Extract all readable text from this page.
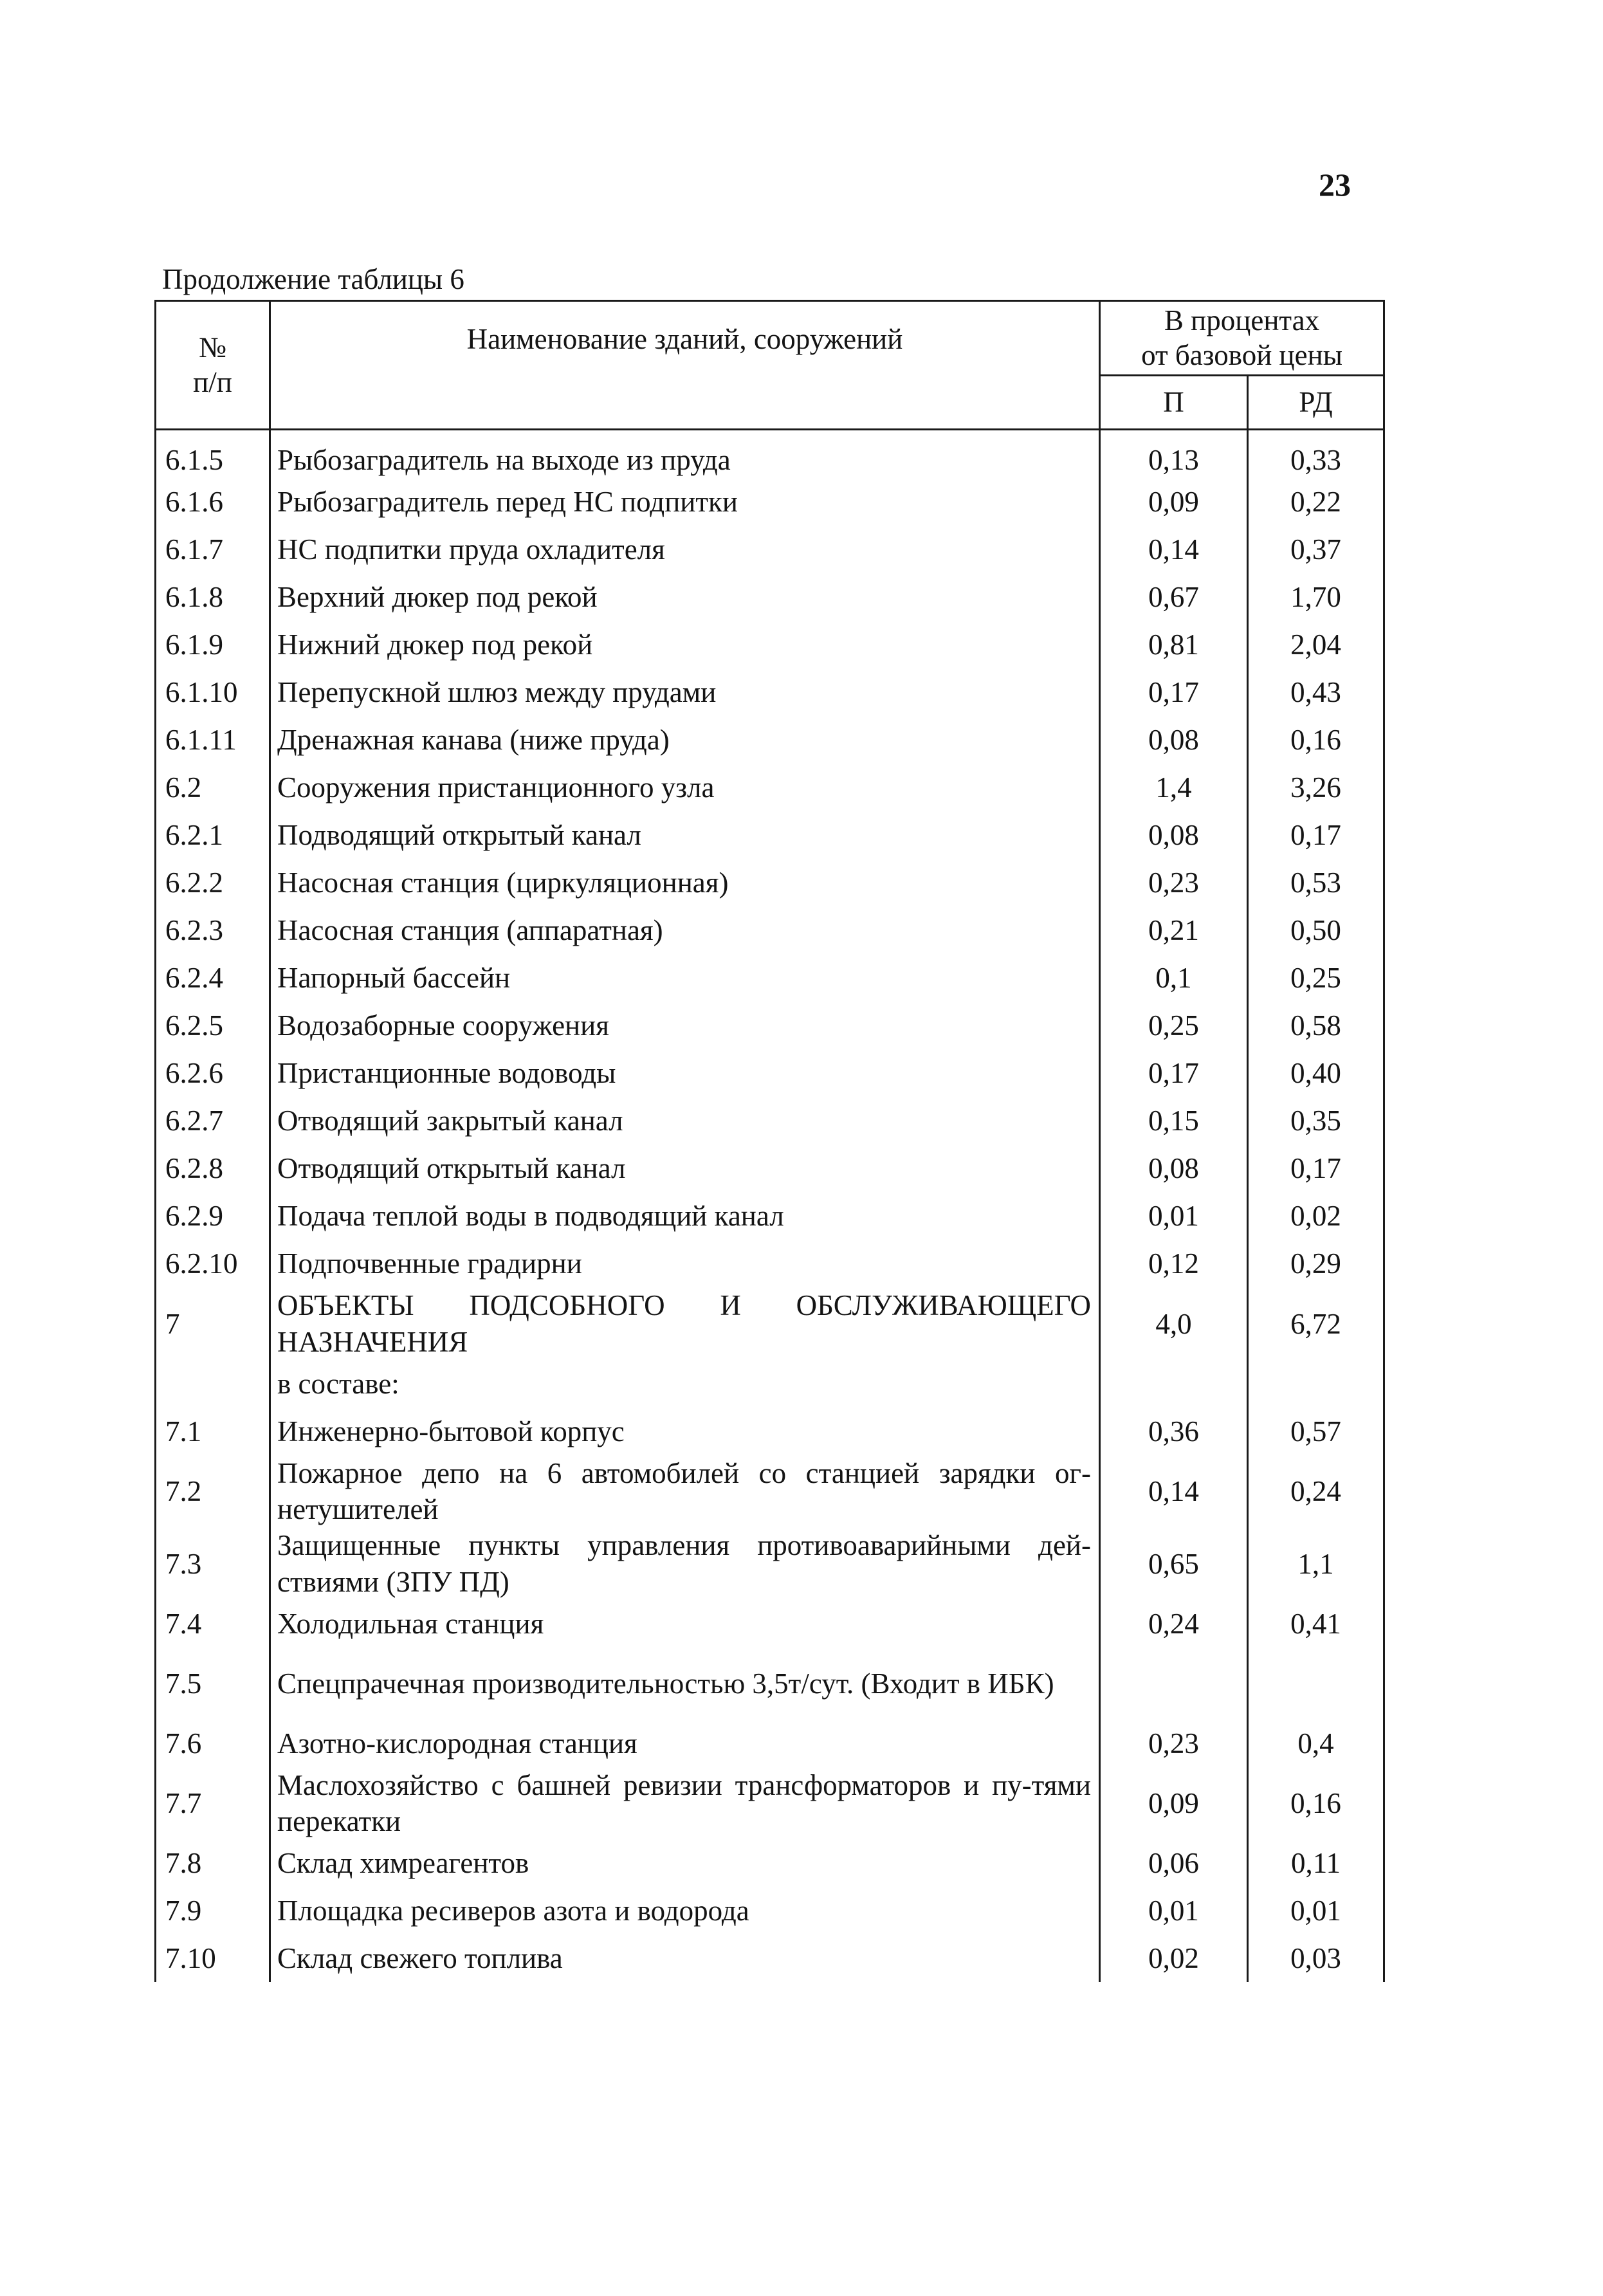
23
Продолжение таблицы 6
№
п/п	Наименование зданий, сооружений	В процентах
от базовой цены	
		П	РД
6.1.5	Рыбозаградитель на выходе из пруда	0,13	0,33
6.1.6	Рыбозаградитель перед НС подпитки	0,09	0,22
6.1.7	НС подпитки пруда охладителя	0,14	0,37
6.1.8	Верхний дюкер под рекой	0,67	1,70
6.1.9	Нижний дюкер под рекой	0,81	2,04
6.1.10	Перепускной шлюз между прудами	0,17	0,43
6.1.11	Дренажная канава (ниже пруда)	0,08	0,16
6.2	Сооружения пристанционного узла	1,4	3,26
6.2.1	Подводящий открытый канал	0,08	0,17
6.2.2	Насосная станция (циркуляционная)	0,23	0,53
6.2.3	Насосная станция (аппаратная)	0,21	0,50
6.2.4	Напорный бассейн	0,1	0,25
6.2.5	Водозаборные сооружения	0,25	0,58
6.2.6	Пристанционные водоводы	0,17	0,40
6.2.7	Отводящий закрытый канал	0,15	0,35
6.2.8	Отводящий открытый канал	0,08	0,17
6.2.9	Подача теплой воды в подводящий канал	0,01	0,02
6.2.10	Подпочвенные градирни	0,12	0,29
7	ОБЪЕКТЫ ПОДСОБНОГО И ОБСЛУЖИВАЮЩЕГО НАЗНАЧЕНИЯ	4,0	6,72
	в составе:		
7.1	Инженерно-бытовой корпус	0,36	0,57
7.2	Пожарное депо на 6 автомобилей со станцией зарядки ог-нетушителей	0,14	0,24
7.3	Защищенные пункты управления противоаварийными дей-ствиями (ЗПУ ПД)	0,65	1,1
7.4	Холодильная станция	0,24	0,41
7.5	Спецпрачечная производительностью 3,5т/сут. (Входит в ИБК)		
7.6	Азотно-кислородная станция	0,23	0,4
7.7	Маслохозяйство с башней ревизии трансформаторов и пу-тями перекатки	0,09	0,16
7.8	Склад химреагентов	0,06	0,11
7.9	Площадка ресиверов азота и водорода	0,01	0,01
7.10	Склад свежего топлива	0,02	0,03
